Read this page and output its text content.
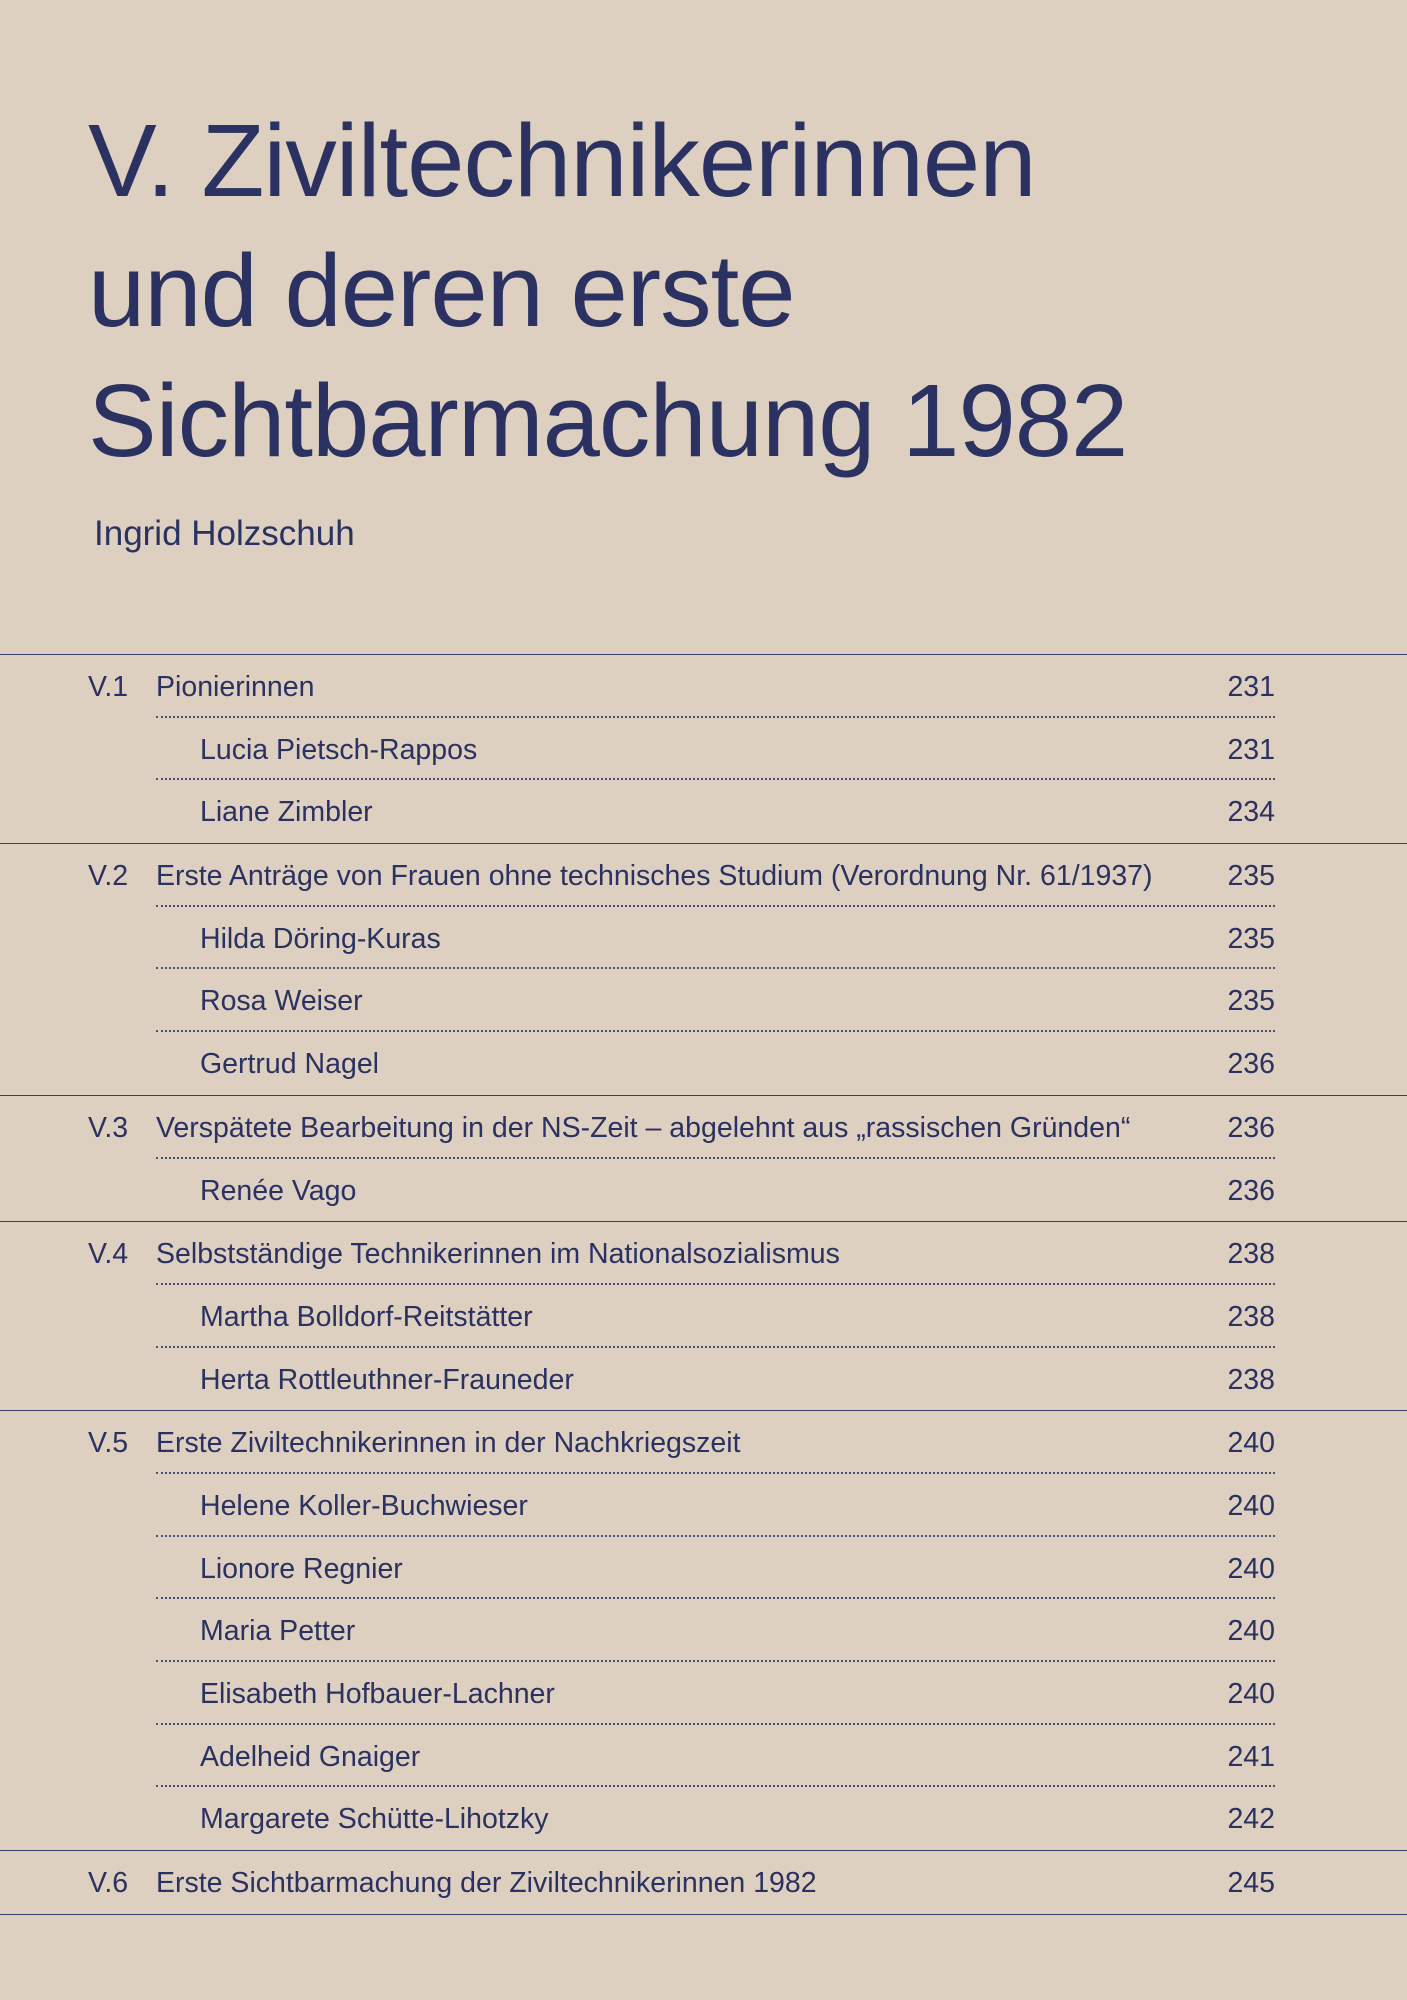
V. Ziviltechnikerinnen
und deren erste
Sichtbarmachung 1982
Ingrid Holzschuh
V.1 Pionierinnen	231
Lucia Pietsch-Rappos	231
Liane Zimbler	234
V.2 Erste Anträge von Frauen ohne technisches Studium (Verordnung Nr. 61/1937)	235
Hilda Döring-Kuras	235
Rosa Weiser	235
Gertrud Nagel	236
V.3 Verspätete Bearbeitung in der NS-Zeit – abgelehnt aus „rassischen Gründen“	236
Renée Vago	236
V.4 Selbstständige Technikerinnen im Nationalsozialismus	238
Martha Bolldorf-Reitstätter	238
Herta Rottleuthner-Frauneder	238
V.5 Erste Ziviltechnikerinnen in der Nachkriegszeit	240
Helene Koller-Buchwieser	240
Lionore Regnier	240
Maria Petter	240
Elisabeth Hofbauer-Lachner	240
Adelheid Gnaiger	241
Margarete Schütte-Lihotzky	242
V.6 Erste Sichtbarmachung der Ziviltechnikerinnen 1982	245
